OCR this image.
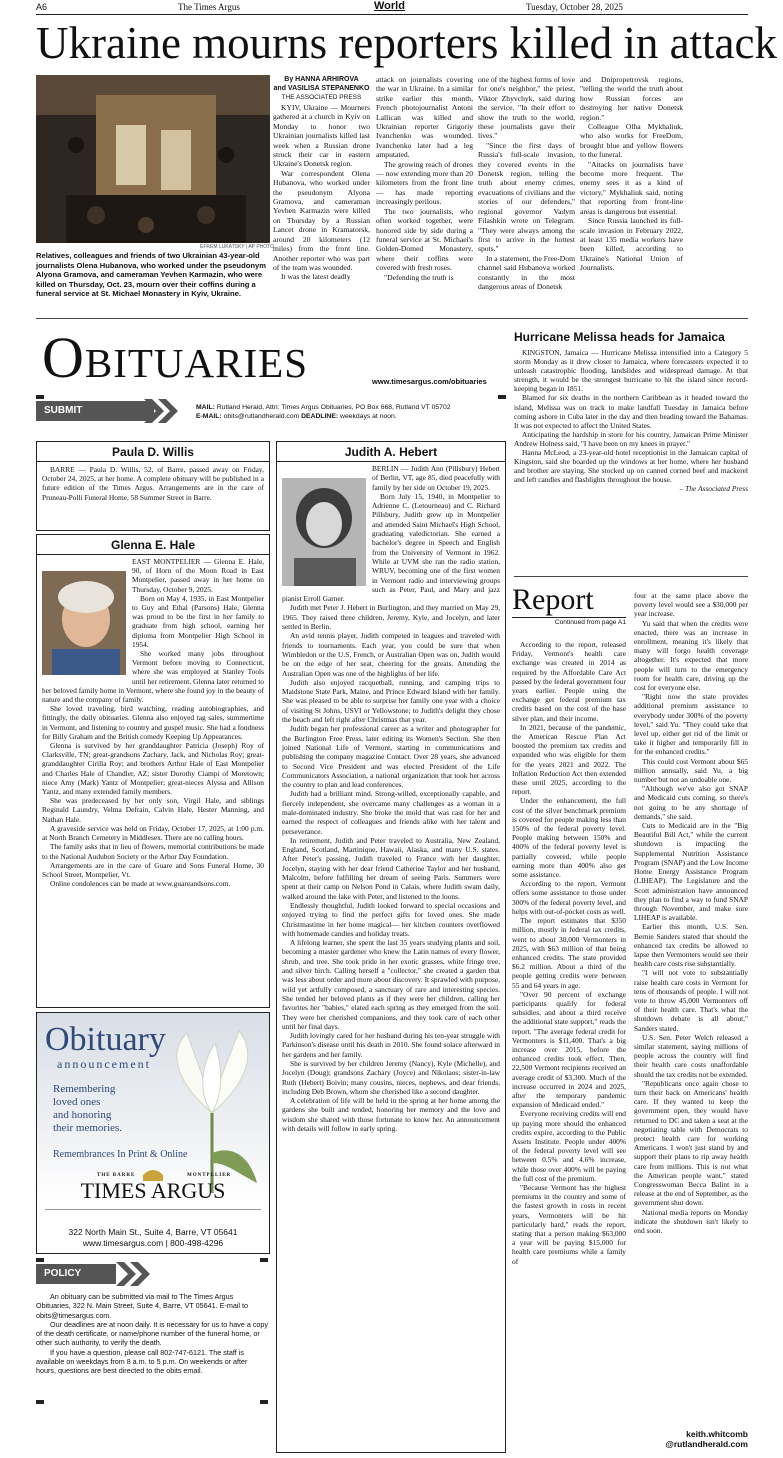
A6	The Times Argus	World	Tuesday, October 28, 2025
Ukraine mourns reporters killed in attack
EFREM LUKATSKY | AP PHOTO
Relatives, colleagues and friends of two Ukrainian 43-year-old journalists Olena Hubanova, who worked under the pseudonym Alyona Gramova, and cameraman Yevhen Karmazin, who were killed on Thursday, Oct. 23, mourn over their coffins during a funeral service at St. Michael Monastery in Kyiv, Ukraine.
By HANNA ARHIROVA
and VASILISA STEPANENKO
THE ASSOCIATED PRESS

KYIV, Ukraine — Mourners gathered at a church in Kyiv on Monday to honor two Ukrainian journalists killed last week when a Russian drone struck their car in eastern Ukraine's Donetsk region.

War correspondent Olena Hubanova, who worked under the pseudonym Alyona Gramova, and cameraman Yevhen Karmazin were killed on Thursday by a Russian Lancet drone in Kramatorsk, around 20 kilometers (12 miles) from the front line. Another reporter who was part of the team was wounded.

It was the latest deadly

attack on journalists covering the war in Ukraine. In a similar strike earlier this month, French photojournalist Antoni Lallican was killed and Ukrainian reporter Grigoriy Ivanchenko was wounded. Ivanchenko later had a leg amputated.

The growing reach of drones — now extending more than 20 kilometers from the front line — has made reporting increasingly perilous.

The two journalists, who often worked together, were honored side by side during a funeral service at St. Michael's Golden-Domed Monastery, where their coffins were covered with fresh roses.

"Defending the truth is

one of the highest forms of love for one's neighbor," the priest, Viktor Zhyvchyk, said during the service. "In their effort to show the truth to the world, these journalists gave their lives."

"Since the first days of Russia's full-scale invasion, they covered events in the Donetsk region, telling the truth about enemy crimes, evacuations of civilians and the stories of our defenders," regional governor Vadym Filashkin wrote on Telegram. "They were always among the first to arrive in the hottest spots."

In a statement, the Free-Dom channel said Hubanova worked constantly in the most dangerous areas of Donetsk

and Dnipropetrovsk regions, "telling the world the truth about how Russian forces are destroying her native Donetsk region."

Colleague Olha Mykhaliuk, who also works for FreeDom, brought blue and yellow flowers to the funeral.

"Attacks on journalists have become more frequent. The enemy sees it as a kind of victory," Mykhaliuk said, noting that reporting from front-line areas is dangerous but essential.

Since Russia launched its full-scale invasion in February 2022, at least 135 media workers have been killed, according to Ukraine's National Union of Journalists.

Obituaries	www.timesargus.com/obituaries
SUBMIT	MAIL: Rutland Herald, Attn: Times Argus Obituaries, PO Box 668, Rutland VT 05702
E-MAIL: obits@rutlandherald.com DEADLINE: weekdays at noon.
Paula D. Willis
BARRE — Paula D. Willis, 52, of Barre, passed away on Friday, October 24, 2025, at her home. A complete obituary will be published in a future edition of the Times Argus. Arrangements are in the care of Pruneau-Polli Funeral Home, 58 Summer Street in Barre.
Glenna E. Hale

EAST MONTPELIER — Glenna E. Hale, 90, of Horn of the Moon Road in East Montpelier, passed away in her home on Thursday, October 9, 2025.

Born on May 4, 1935, in East Montpelier to Guy and Ethal (Parsons) Hale, Glenna was proud to be the first in her family to graduate from high school, earning her diploma from Montpelier High School in 1954.

She worked many jobs throughout Vermont before moving to Connecticut, where she was employed at Stanley Tools until her retirement. Glenna later returned to her beloved family home in Vermont, where she found joy in the beauty of nature and the company of family.

She loved traveling, bird watching, reading autobiographies, and fittingly, the daily obituaries. Glenna also enjoyed tag sales, summertime in Vermont, and listening to country and gospel music. She had a fondness for Billy Graham and the British comedy Keeping Up Appearances.

Glenna is survived by her granddaughter Patricia (Joseph) Roy of Clarksville, TN; great-grandsons Zachary, Jack, and Nicholas Roy; great-granddaughter Cirilla Roy; and brothers Arthur Hale of East Montpelier and Charles Hale of Chandler, AZ; sister Dorothy Ciampi of Moretown; niece Amy (Mark) Yantz of Montpelier; great-nieces Alyssa and Allison Yantz, and many extended family members.

She was predeceased by her only son, Virgil Hale, and siblings Reginald Laundry, Velma Defrain, Calvin Hale, Hester Manning, and Nathan Hale.

A graveside service was held on Friday, October 17, 2025, at 1:00 p.m. at North Branch Cemetery in Middlesex. There are no calling hours.

The family asks that in lieu of flowers, memorial contributions be made to the National Audubon Society or the Arbor Day Foundation.

Arrangements are in the care of Guare and Sons Funeral Home, 30 School Street, Montpelier, Vt.

Online condolences can be made at www.guareandsons.com.

Obituary
announcement
Remembering
loved ones
and honoring
their memories.
Remembrances In Print & Online
THE BARRE	MONTPELIER
TIMES ARGUS
322 North Main St., Suite 4, Barre, VT 05641
www.timesargus.com | 800-498-4296
POLICY

An obituary can be submitted via mail to The Times Argus Obituaries, 322 N. Main Street, Suite 4, Barre, VT 05641. E-mail to obits@timesargus.com.

Our deadlines are at noon daily. It is necessary for us to have a copy of the death certificate, or name/phone number of the funeral home, or other such authority, to verify the death.

If you have a question, please call 802-747-6121. The staff is available on weekdays from 8 a.m. to 5 p.m. On weekends or after hours, questions are best directed to the obits email.

Judith A. Hebert

BERLIN — Judith Ann (Pillsbury) Hebert of Berlin, VT, age 85, died peacefully with family by her side on October 19, 2025.

Born July 15, 1940, in Montpelier to Adrienne C. (Letourneau) and C. Richard Pillsbury, Judith grew up in Montpelier and attended Saint Michael's High School, graduating valedictorian. She earned a bachelor's degree in Speech and English from the University of Vermont in 1962. While at UVM she ran the radio station, WRUV, becoming one of the first women in Vermont radio and interviewing groups such as Peter, Paul, and Mary and jazz pianist Erroll Garner.

Judith met Peter J. Hebert in Burlington, and they married on May 29, 1965. They raised three children, Jeremy, Kyle, and Jocelyn, and later settled in Berlin.

An avid tennis player, Judith competed in leagues and traveled with friends to tournaments. Each year, you could be sure that when Wimbledon or the U.S, French, or Australian Open was on, Judith would be on the edge of her seat, cheering for the greats. Attending the Australian Open was one of the highlights of her life.

Judith also enjoyed racquetball, running, and camping trips to Maidstone State Park, Maine, and Prince Edward Island with her family. She was pleased to be able to surprise her family one year with a choice of visiting St Johns, USVI or Yellowstone; to Judith's delight they chose the beach and left right after Christmas that year.

Judith began her professional career as a writer and photographer for the Burlington Free Press, later editing its Women's Section. She then joined National Life of Vermont, starting in communications and publishing the company magazine Contact. Over 28 years, she advanced to Second Vice President and was elected President of the Life Communicators Association, a national organization that took her across the country to plan and lead conferences.

Judith had a brilliant mind. Strong-willed, exceptionally capable, and fiercely independent, she overcame many challenges as a woman in a male-dominated industry. She broke the mold that was cast for her and earned the respect of colleagues and friends alike with her talent and perseverance.

In retirement, Judith and Peter traveled to Australia, New Zealand, England, Scotland, Martinique, Hawaii, Alaska, and many U.S. states. After Peter's passing, Judith traveled to France with her daughter, Jocelyn, staying with her dear friend Catherine Taylor and her husband, Malcolm, before fulfilling her dream of seeing Paris. Summers were spent at their camp on Nelson Pond in Calais, where Judith swam daily, walked around the lake with Peter, and listened to the loons.

Endlessly thoughtful, Judith looked forward to special occasions and enjoyed trying to find the perfect gifts for loved ones. She made Christmastime in her home magical— her kitchen counters overflowed with homemade candies and holiday treats.

A lifelong learner, she spent the last 35 years studying plants and soil, becoming a master gardener who knew the Latin names of every flower, shrub, and tree. She took pride in her exotic grasses, white fringe tree, and silver birch. Calling herself a "collector," she created a garden that was less about order and more about discovery. It sprawled with purpose, wild yet artfully composed, a sanctuary of rare and interesting species. She tended her beloved plants as if they were her children, calling her favorites her "babies," elated each spring as they emerged from the soil. They were her cherished companions, and they took care of each other until her final days.

Judith lovingly cared for her husband during his ten-year struggle with Parkinson's disease until his death in 2010. She found solace afterward in her gardens and her family.

She is survived by her children Jeremy (Nancy), Kyle (Michelle), and Jocelyn (Doug); grandsons Zachary (Joyce) and Nikolaos; sister-in-law Ruth (Hebert) Boivin; many cousins, nieces, nephews, and dear friends, including Deb Brown, whom she cherished like a second daughter.

A celebration of life will be held in the spring at her home among the gardens she built and tended, honoring her memory and the love and wisdom she shared with those fortunate to know her. An announcement with details will follow in early spring.

Hurricane Melissa heads for Jamaica

KINGSTON, Jamaica — Hurricane Melissa intensified into a Category 5 storm Monday as it drew closer to Jamaica, where forecasters expected it to unleash catastrophic flooding, landslides and widespread damage. At that strength, it would be the strongest hurricane to hit the island since record-keeping began in 1851.

Blamed for six deaths in the northern Caribbean as it headed toward the island, Melissa was on track to make landfall Tuesday in Jamaica before coming ashore in Cuba later in the day and then heading toward the Bahamas. It was not expected to affect the United States.

Anticipating the hardship in store for his country, Jamaican Prime Minister Andrew Holness said, "I have been on my knees in prayer."

Hanna McLeod, a 23-year-old hotel receptionist in the Jamaican capital of Kingston, said she boarded up the windows at her home, where her husband and brother are staying. She stocked up on canned corned beef and mackerel and left candles and flashlights throughout the house.

– The Associated Press
Report
Continued from page A1

According to the report, released Friday, Vermont's health care exchange was created in 2014 as required by the Affordable Care Act passed by the federal government four years earlier. People using the exchange get federal premium tax credits based on the cost of the base silver plan, and their income.

In 2021, because of the pandemic, the American Rescue Plan Act boosted the premium tax credits and expanded who was eligible for them for the years 2021 and 2022. The Inflation Reduction Act then extended these until 2025, according to the report.

Under the enhancement, the full cost of the silver benchmark premium is covered for people making less than 150% of the federal poverty level. People making between 150% and 400% of the federal poverty level is partially covered, while people earning more than 400% also get some assistance.

According to the report, Vermont offers some assistance to those under 300% of the federal poverty level, and helps with out-of-pocket costs as well.

The report estimates that $350 million, mostly in federal tax credits, went to about 30,000 Vermonters in 2025, with $63 million of that being enhanced credits. The state provided $6.2 million. About a third of the people getting credits were between 55 and 64 years in age.

"Over 90 percent of exchange participants qualify for federal subsidies, and about a third receive the additional state support," reads the report. "The average federal credit for Vermonters is $11,400. That's a big increase over 2015, before the enhanced credits took effect. Then, 22,500 Vermont recipients received an average credit of $3,300. Much of the increase occurred in 2024 and 2025, after the temporary pandemic expansion of Medicaid ended."

Everyone receiving credits will end up paying more should the enhanced credits expire, according to the Public Assets Institute. People under 400% of the federal poverty level will see between 0.5% and 4.6% increase, while those over 400% will be paying the full cost of the premium.

"Because Vermont has the highest premiums in the country and some of the fastest growth in costs in recent years, Vermonters will be hit particularly hard," reads the report, stating that a person making $63,000 a year will be paying $15,000 for health care premiums while a family of

four at the same place above the poverty level would see a $30,000 per year increase.

Yu said that when the credits were enacted, there was an increase in enrollment, meaning it's likely that many will forgo health coverage altogether. It's expected that more people will turn to the emergency room for health care, driving up the cost for everyone else.

"Right now the state provides additional premium assistance to everybody under 300% of the poverty level," said Yu. "They could take that level up, either get rid of the limit or take it higher and temporarily fill in for the enhanced credits."

This could cost Vermont about $65 million annually, said Yu, a big number but not an undoable one.

"Although we've also got SNAP and Medicaid cuts coming, so there's not going to be any shortage of demands," she said.

Cuts to Medicaid are in the "Big Beautiful Bill Act," while the current shutdown is impacting the Supplemental Nutrition Assistance Program (SNAP) and the Low Income Home Energy Assistance Program (LIHEAP). The Legislature and the Scott administration have announced they plan to find a way to fund SNAP through November, and make sure LIHEAP is available.

Earlier this month, U.S. Sen. Bernie Sanders stated that should the enhanced tax credits be allowed to lapse then Vermonters would see their health care costs rise substantially.

"I will not vote to substantially raise health care costs in Vermont for tens of thousands of people. I will not vote to throw 45,000 Vermonters off of their health care. That's what the shutdown debate is all about," Sanders stated.

U.S. Sen. Peter Welch released a similar statement, saying millions of people across the country will find their health care costs unaffordable should the tax credits not be extended.

"Republicans once again chose to turn their back on Americans' health care. If they wanted to keep the government open, they would have returned to DC and taken a seat at the negotiating table with Democrats to protect health care for working Americans. I won't just stand by and support their plans to rip away health care from millions. This is not what the American people want," stated Congresswoman Becca Balint in a release at the end of September, as the government shut down.

National media reports on Monday indicate the shutdown isn't likely to end soon.

keith.whitcomb
@rutlandherald.com
